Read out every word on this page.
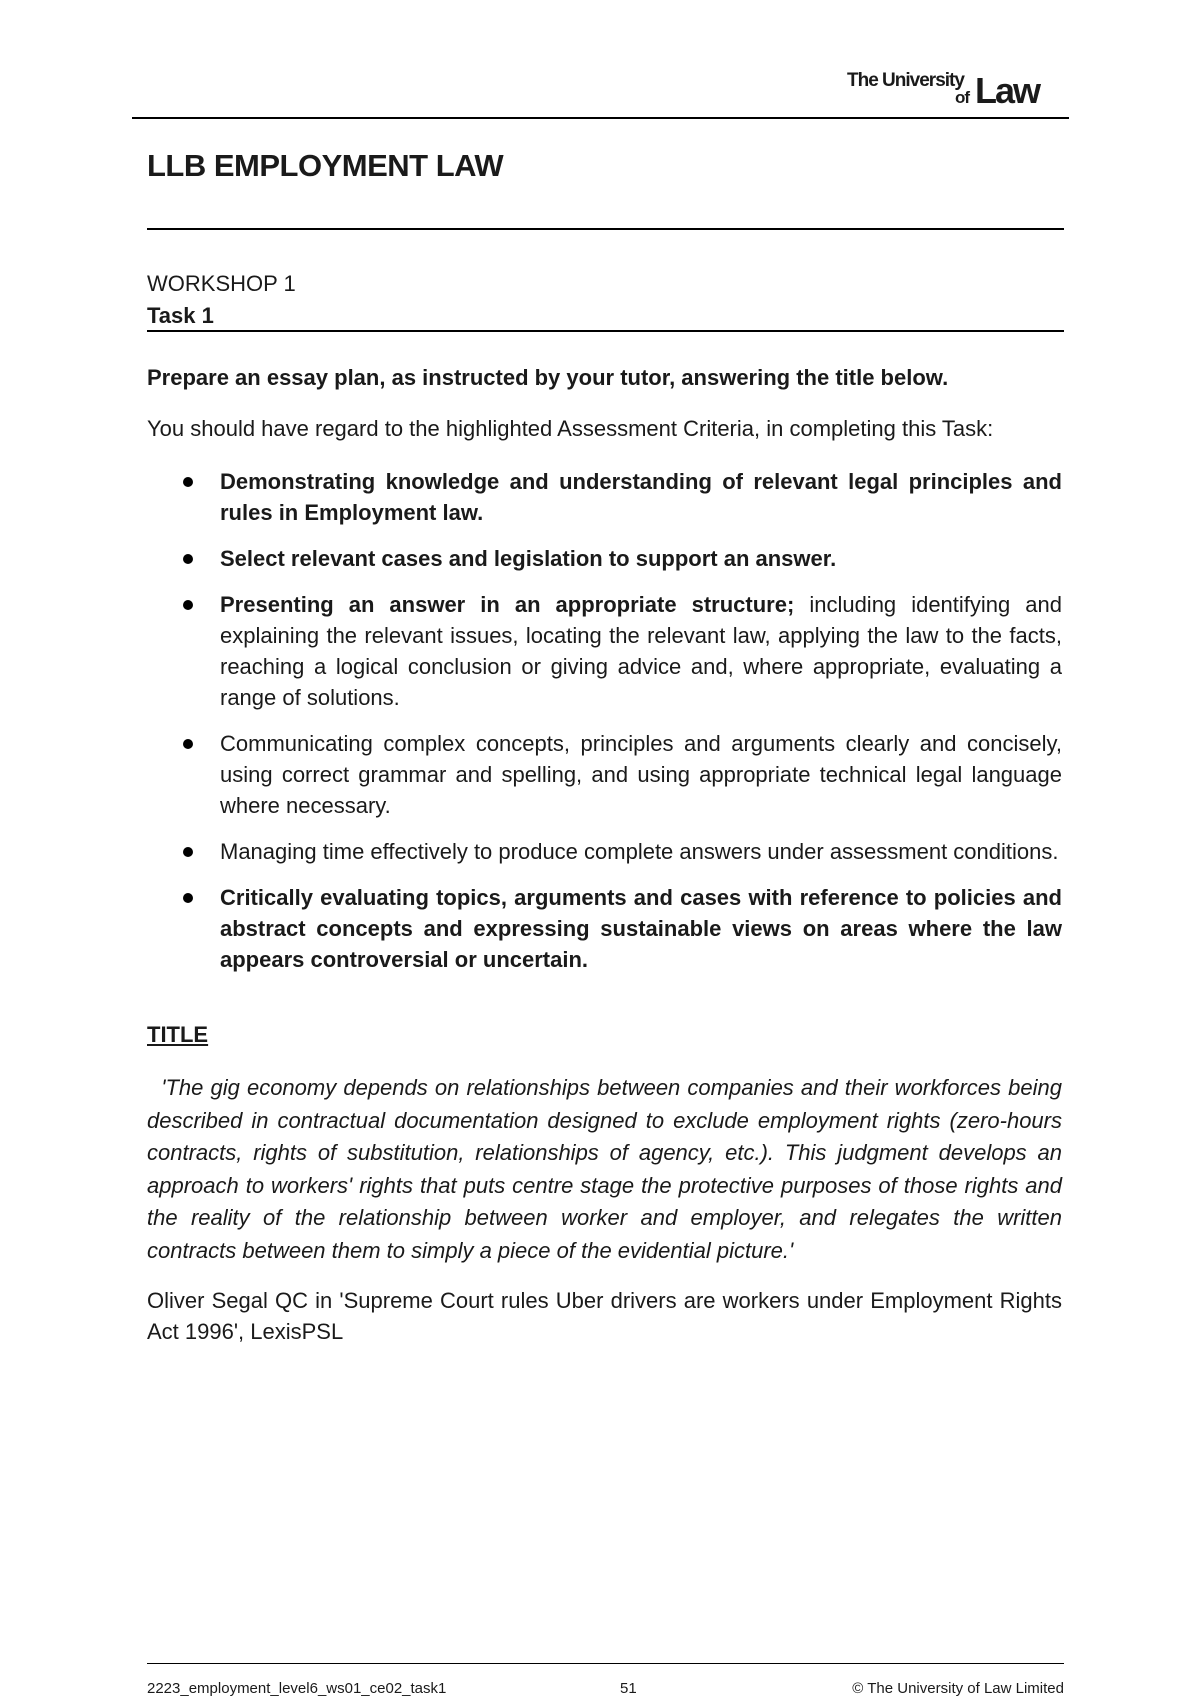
The University
of Law
LLB EMPLOYMENT LAW
WORKSHOP 1
Task 1

Prepare an essay plan, as instructed by your tutor, answering the title below.

You should have regard to the highlighted Assessment Criteria, in completing this Task:

Demonstrating knowledge and understanding of relevant legal principles and rules in Employment law.
Select relevant cases and legislation to support an answer.
Presenting an answer in an appropriate structure; including identifying and explaining the relevant issues, locating the relevant law, applying the law to the facts, reaching a logical conclusion or giving advice and, where appropriate, evaluating a range of solutions.
Communicating complex concepts, principles and arguments clearly and concisely, using correct grammar and spelling, and using appropriate technical legal language where necessary.
Managing time effectively to produce complete answers under assessment conditions.
Critically evaluating topics, arguments and cases with reference to policies and abstract concepts and expressing sustainable views on areas where the law appears controversial or uncertain.

TITLE

'The gig economy depends on relationships between companies and their workforces being described in contractual documentation designed to exclude employment rights (zero-hours contracts, rights of substitution, relationships of agency, etc.). This judgment develops an approach to workers' rights that puts centre stage the protective purposes of those rights and the reality of the relationship between worker and employer, and relegates the written contracts between them to simply a piece of the evidential picture.'

Oliver Segal QC in 'Supreme Court rules Uber drivers are workers under Employment Rights Act 1996', LexisPSL

2223_employment_level6_ws01_ce02_task1	51	© The University of Law Limited
